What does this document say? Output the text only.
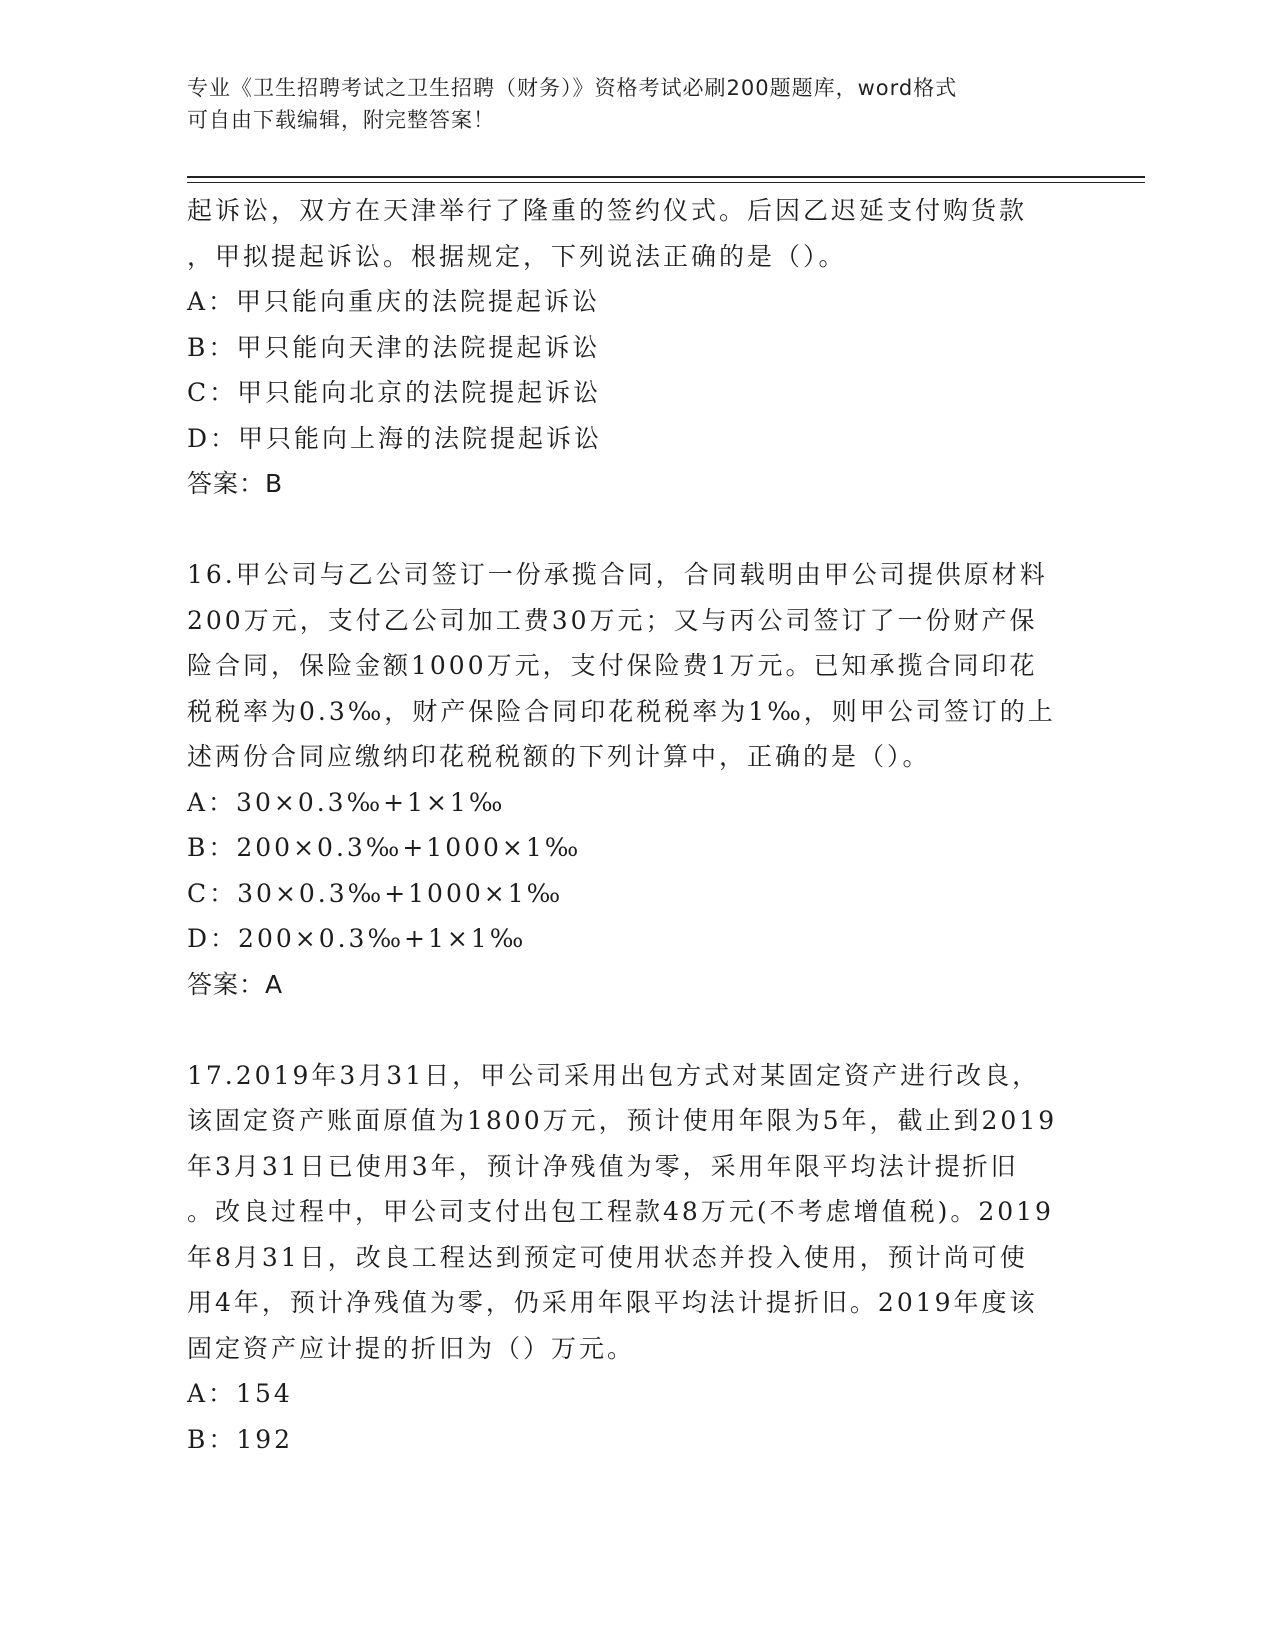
专业《卫生招聘考试之卫生招聘（财务）》资格考试必刷200题题库，word格式
可自由下载编辑，附完整答案！
起诉讼，双方在天津举行了隆重的签约仪式。后因乙迟延支付购货款
，甲拟提起诉讼。根据规定，下列说法正确的是（）。
A：甲只能向重庆的法院提起诉讼
B：甲只能向天津的法院提起诉讼
C：甲只能向北京的法院提起诉讼
D：甲只能向上海的法院提起诉讼
答案：B
16.甲公司与乙公司签订一份承揽合同，合同载明由甲公司提供原材料
200万元，支付乙公司加工费30万元；又与丙公司签订了一份财产保
险合同，保险金额1000万元，支付保险费1万元。已知承揽合同印花
税税率为0.3‰，财产保险合同印花税税率为1‰，则甲公司签订的上
述两份合同应缴纳印花税税额的下列计算中，正确的是（）。
A：30×0.3‰+1×1‰
B：200×0.3‰+1000×1‰
C：30×0.3‰+1000×1‰
D：200×0.3‰+1×1‰
答案：A
17.2019年3月31日，甲公司采用出包方式对某固定资产进行改良，
该固定资产账面原值为1800万元，预计使用年限为5年，截止到2019
年3月31日已使用3年，预计净残值为零，采用年限平均法计提折旧
。改良过程中，甲公司支付出包工程款48万元(不考虑增值税)。2019
年8月31日，改良工程达到预定可使用状态并投入使用，预计尚可使
用4年，预计净残值为零，仍采用年限平均法计提折旧。2019年度该
固定资产应计提的折旧为（）万元。
A：154
B：192
